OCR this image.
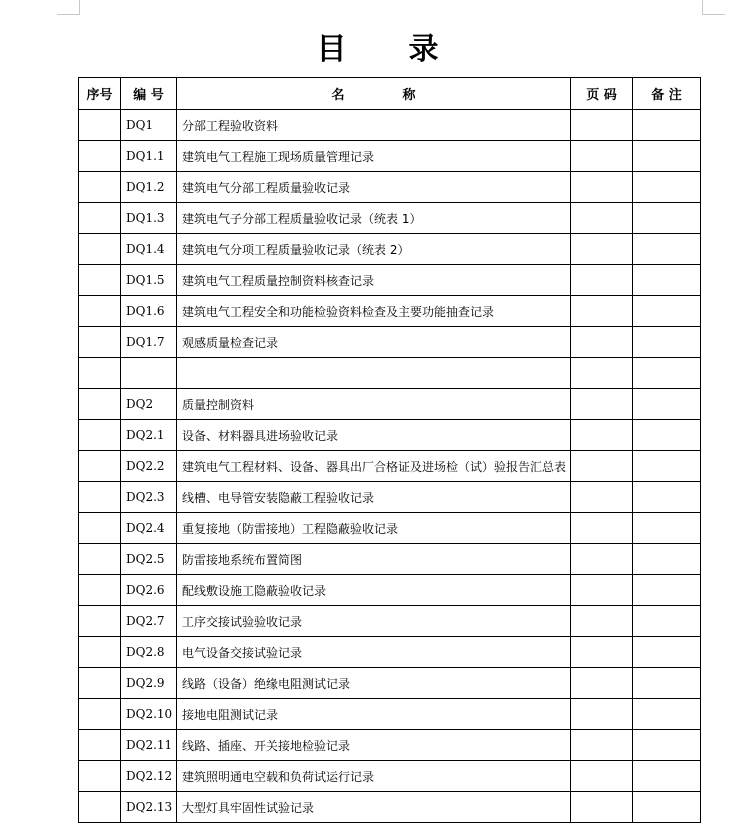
目 录
序号	编 号	名 称	页 码	备 注
	DQ1	分部工程验收资料		
	DQ1.1	建筑电气工程施工现场质量管理记录		
	DQ1.2	建筑电气分部工程质量验收记录		
	DQ1.3	建筑电气子分部工程质量验收记录（统表 1）		
	DQ1.4	建筑电气分项工程质量验收记录（统表 2）		
	DQ1.5	建筑电气工程质量控制资料核查记录		
	DQ1.6	建筑电气工程安全和功能检验资料检查及主要功能抽查记录		
	DQ1.7	观感质量检查记录		

	DQ2	质量控制资料		
	DQ2.1	设备、材料器具进场验收记录		
	DQ2.2	建筑电气工程材料、设备、器具出厂合格证及进场检（试）验报告汇总表		
	DQ2.3	线槽、电导管安装隐蔽工程验收记录		
	DQ2.4	重复接地（防雷接地）工程隐蔽验收记录		
	DQ2.5	防雷接地系统布置简图		
	DQ2.6	配线敷设施工隐蔽验收记录		
	DQ2.7	工序交接试验验收记录		
	DQ2.8	电气设备交接试验记录		
	DQ2.9	线路（设备）绝缘电阻测试记录		
	DQ2.10	接地电阻测试记录		
	DQ2.11	线路、插座、开关接地检验记录		
	DQ2.12	建筑照明通电空载和负荷试运行记录		
	DQ2.13	大型灯具牢固性试验记录		
